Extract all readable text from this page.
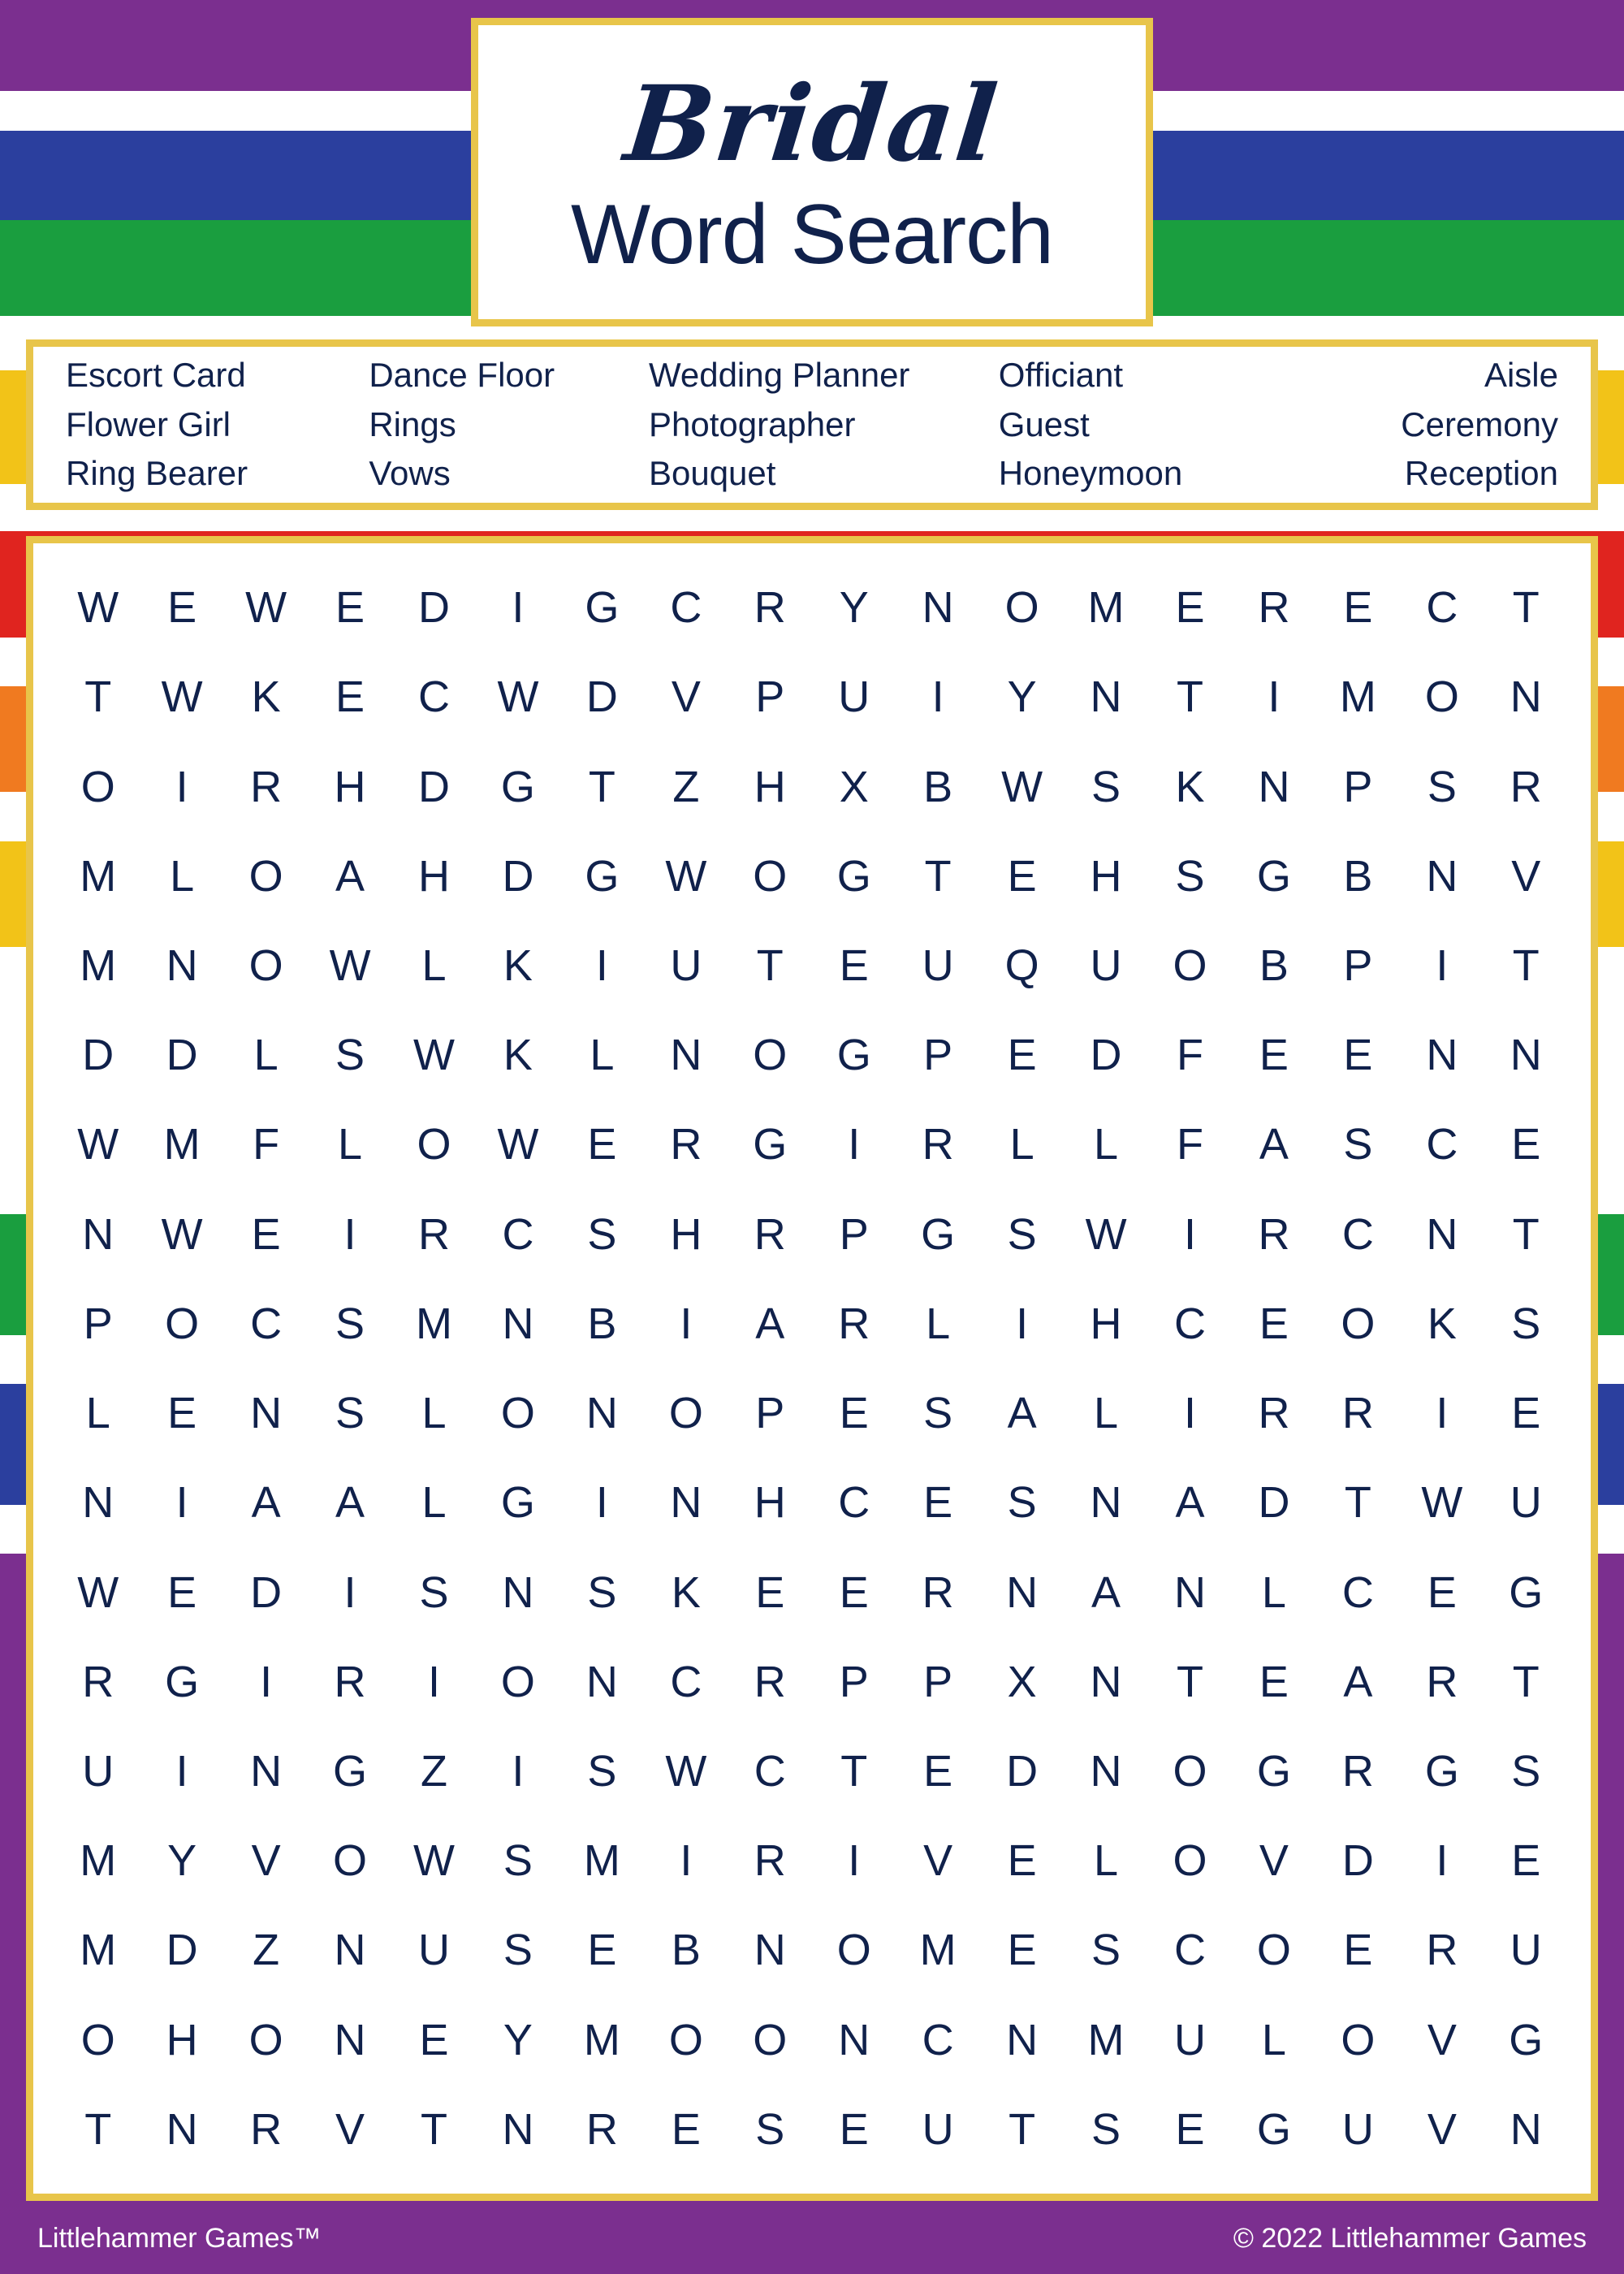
Bridal
Word Search
Escort Card
Flower Girl
Ring Bearer
Dance Floor
Rings
Vows
Wedding Planner
Photographer
Bouquet
Officiant
Guest
Honeymoon
Aisle
Ceremony
Reception
W E W E D I G C R Y N O M E R E C T
T W K E C W D V P U I Y N T I M O N
O I R H D G T Z H X B W S K N P S R
M L O A H D G W O G T E H S G B N V
M N O W L K I U T E U Q U O B P I T
D D L S W K L N O G P E D F E E N N
W M F L O W E R G I R L L F A S C E
N W E I R C S H R P G S W I R C N T
P O C S M N B I A R L I H C E O K S
L E N S L O N O P E S A L I R R I E
N I A A L G I N H C E S N A D T W U
W E D I S N S K E E R N A N L C E G
R G I R I O N C R P P X N T E A R T
U I N G Z I S W C T E D N O G R G S
M Y V O W S M I R I V E L O V D I E
M D Z N U S E B N O M E S C O E R U
O H O N E Y M O O N C N M U L O V G
T N R V T N R E S E U T S E G U V N
Littlehammer Games™	© 2022 Littlehammer Games
